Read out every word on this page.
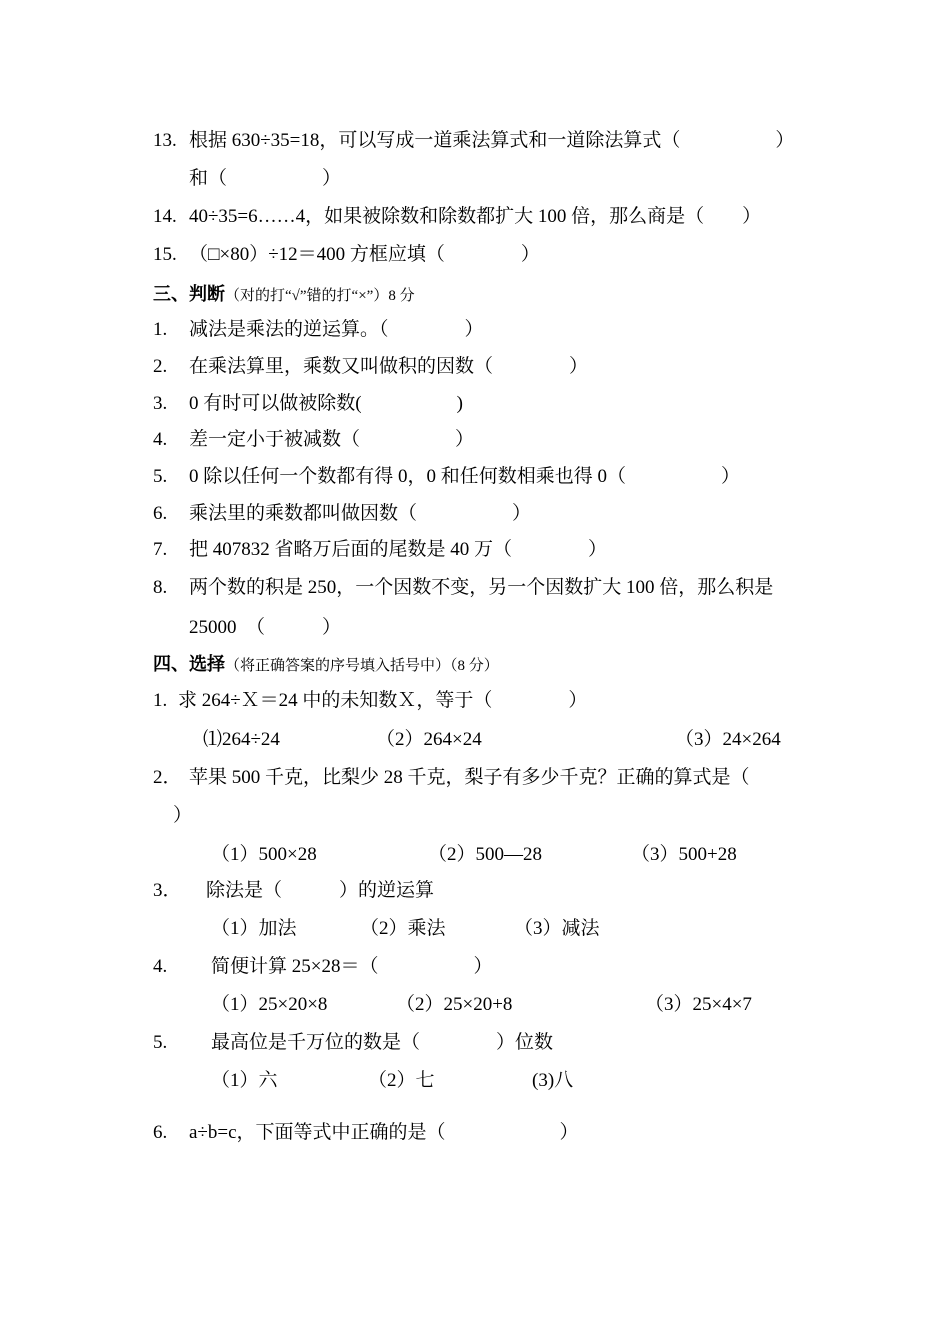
13. 根据 630÷35=18，可以写成一道乘法算式和一道除法算式（　　　　　）
和（　　　　　）
14. 40÷35=6……4，如果被除数和除数都扩大 100 倍，那么商是（　　）
15. （□×80）÷12＝400 方框应填（　　　　）
三、判断（对的打“√”错的打“×”）8 分
1. 减法是乘法的逆运算。（　　　　）
2. 在乘法算里，乘数又叫做积的因数（　　　　）
3. 0 有时可以做被除数(　　　　　)
4. 差一定小于被减数（　　　　　）
5. 0 除以任何一个数都有得 0，0 和任何数相乘也得 0（　　　　　）
6. 乘法里的乘数都叫做因数（　　　　　）
7. 把 407832 省略万后面的尾数是 40 万（　　　　）
8. 两个数的积是 250，一个因数不变，另一个因数扩大 100 倍，那么积是
25000　（　　　）
四、选择（将正确答案的序号填入括号中）（8 分）
1. 求 264÷Ｘ＝24 中的未知数Ｘ，等于（　　　　）
⑴264÷24	（2）264×24	（3）24×264
2． 苹果 500 千克，比梨少 28 千克，梨子有多少千克？正确的算式是（
）
（1）500×28	（2）500—28	（3）500+28
3． 除法是（　　　）的逆运算
（1）加法	（2）乘法	（3）减法
4. 简便计算 25×28＝（　　　　　）
（1）25×20×8	（2）25×20+8	（3）25×4×7
5. 最高位是千万位的数是（　　　　）位数
（1）六	（2）七	(3)八
6. a÷b=c，下面等式中正确的是（　　　　　　）
